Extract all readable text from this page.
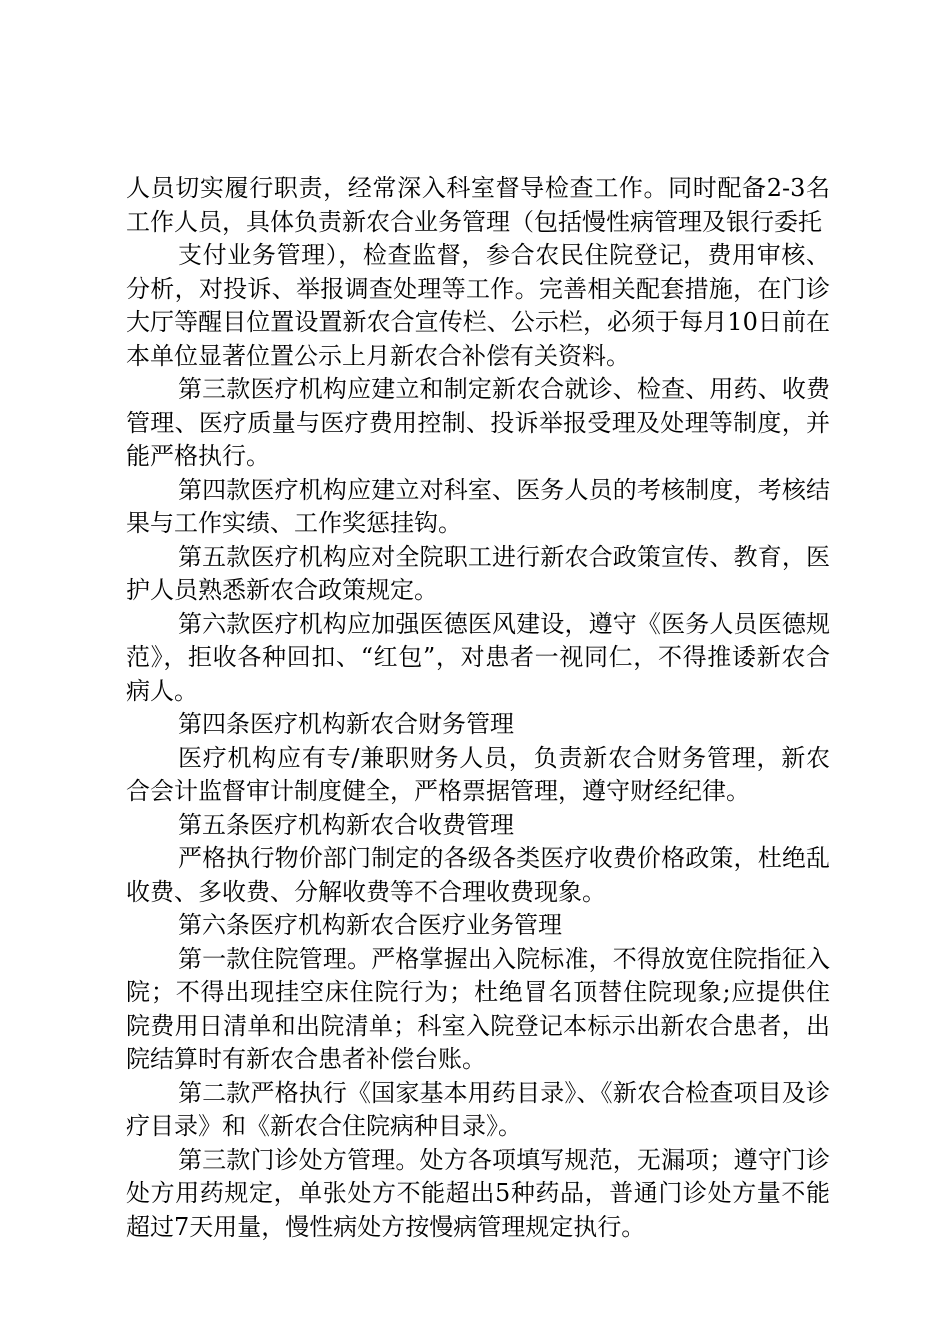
人员切实履行职责，经常深入科室督导检查工作。同时配备2-3名工作人员，具体负责新农合业务管理（包括慢性病管理及银行委托

支付业务管理），检查监督，参合农民住院登记，费用审核、分析，对投诉、举报调查处理等工作。完善相关配套措施，在门诊大厅等醒目位置设置新农合宣传栏、公示栏，必须于每月10日前在本单位显著位置公示上月新农合补偿有关资料。

第三款医疗机构应建立和制定新农合就诊、检查、用药、收费管理、医疗质量与医疗费用控制、投诉举报受理及处理等制度，并能严格执行。

第四款医疗机构应建立对科室、医务人员的考核制度，考核结果与工作实绩、工作奖惩挂钩。

第五款医疗机构应对全院职工进行新农合政策宣传、教育，医护人员熟悉新农合政策规定。

第六款医疗机构应加强医德医风建设，遵守《医务人员医德规范》，拒收各种回扣、“红包”，对患者一视同仁，不得推诿新农合病人。

第四条医疗机构新农合财务管理

医疗机构应有专/兼职财务人员，负责新农合财务管理，新农合会计监督审计制度健全，严格票据管理，遵守财经纪律。

第五条医疗机构新农合收费管理

严格执行物价部门制定的各级各类医疗收费价格政策，杜绝乱收费、多收费、分解收费等不合理收费现象。

第六条医疗机构新农合医疗业务管理

第一款住院管理。严格掌握出入院标准，不得放宽住院指征入院；不得出现挂空床住院行为；杜绝冒名顶替住院现象;应提供住院费用日清单和出院清单；科室入院登记本标示出新农合患者，出院结算时有新农合患者补偿台账。

第二款严格执行《国家基本用药目录》、《新农合检查项目及诊疗目录》和《新农合住院病种目录》。

第三款门诊处方管理。处方各项填写规范，无漏项；遵守门诊处方用药规定，单张处方不能超出5种药品，普通门诊处方量不能超过7天用量，慢性病处方按慢病管理规定执行。
